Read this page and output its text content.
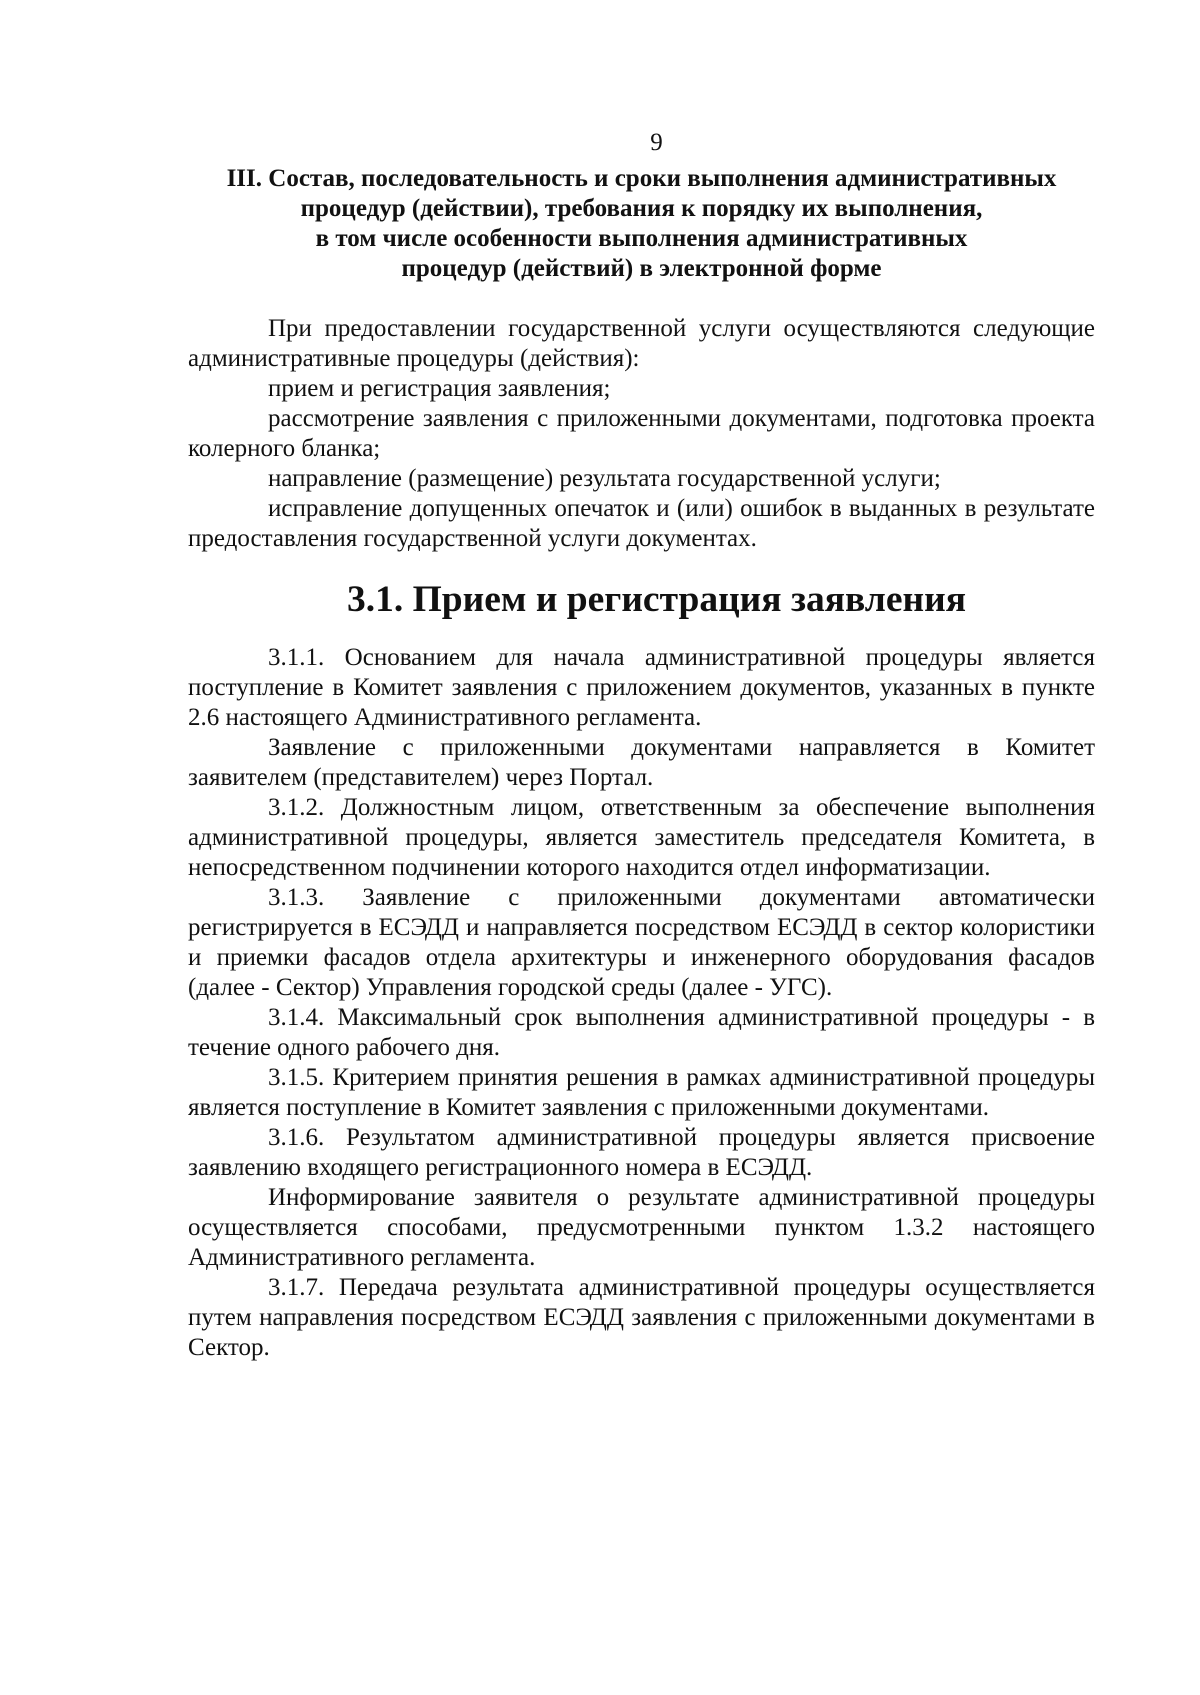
9
III. Состав, последовательность и сроки выполнения административных
процедур (действии), требования к порядку их выполнения,
в том числе особенности выполнения административных
процедур (действий) в электронной форме

При предоставлении государственной услуги осуществляются следующие административные процедуры (действия):

прием и регистрация заявления;

рассмотрение заявления с приложенными документами, подготовка проекта колерного бланка;

направление (размещение) результата государственной услуги;

исправление допущенных опечаток и (или) ошибок в выданных в результате предоставления государственной услуги документах.

3.1. Прием и регистрация заявления

3.1.1. Основанием для начала административной процедуры является поступление в Комитет заявления с приложением документов, указанных в пункте 2.6 настоящего Административного регламента.

Заявление с приложенными документами направляется в Комитет заявителем (представителем) через Портал.

3.1.2. Должностным лицом, ответственным за обеспечение выполнения административной процедуры, является заместитель председателя Комитета, в непосредственном подчинении которого находится отдел информатизации.

3.1.3. Заявление с приложенными документами автоматически регистрируется в ЕСЭДД и направляется посредством ЕСЭДД в сектор колористики и приемки фасадов отдела архитектуры и инженерного оборудования фасадов (далее - Сектор) Управления городской среды (далее - УГС).

3.1.4. Максимальный срок выполнения административной процедуры - в течение одного рабочего дня.

3.1.5. Критерием принятия решения в рамках административной процедуры является поступление в Комитет заявления с приложенными документами.

3.1.6. Результатом административной процедуры является присвоение заявлению входящего регистрационного номера в ЕСЭДД.

Информирование заявителя о результате административной процедуры осуществляется способами, предусмотренными пунктом 1.3.2 настоящего Административного регламента.

3.1.7. Передача результата административной процедуры осуществляется путем направления посредством ЕСЭДД заявления с приложенными документами в Сектор.
